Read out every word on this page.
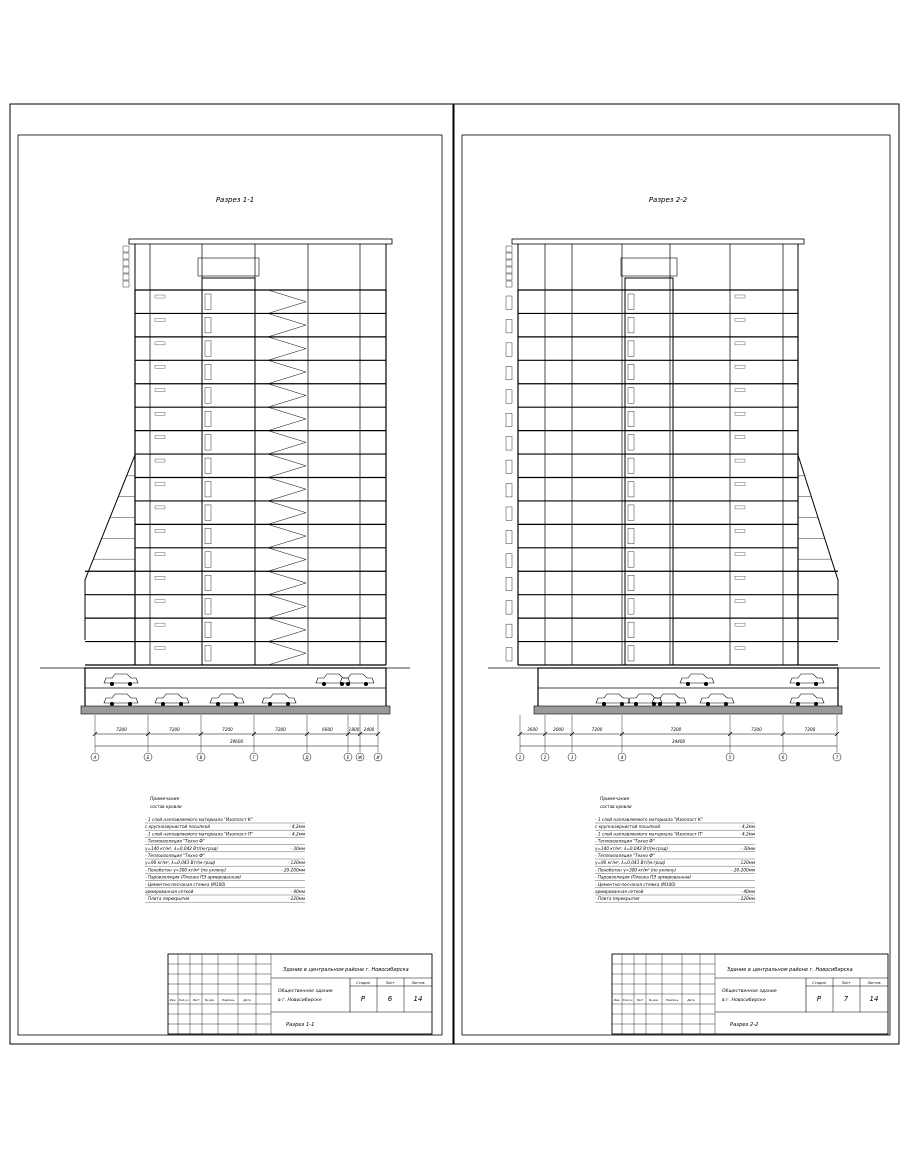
Разрез 1-1
7200	7200	7200	7200	6600	1800 2400
39600
А	Б	В	Г	Д	Е Ж	И
Примечание
состав кровли
- 1 слой наплавляемого материала "Изопласт К"
с крупнозернистой посыпкой	- 4,2мм
- 1 слой наплавляемого материала "Изопласт П"	- 4,2мм
- Теплоизоляция "Техно Ф"
γ=140 кг/м³, λ=0,042 Вт/(м·град)	- 30мм
- Теплоизоляция "Техно Ф"
γ=90 кг/м³, λ=0,043 Вт/(м·град)	- 120мм
- Пенобетон γ=300 кг/м³ (по уклону)	- 20-200мм
- Пароизоляция (Пленка ПЭ армированная)
- Цементно-песчаная стяжка (М100)
армированная сеткой	- 40мм
- Плита перекрытия	- 220мм
Изм. Кол.уч.	Лист	№ док. Подпись	Дата
Здание в центральном районе г. Новосибирска
Общественное здание
в г. Новосибирске
Разрез 1-1
Стадия	Лист	Листов
Р	6	14
Разрез 2-2
3600	2000	7200	7200	7200	7200
34400
1	2	3	4	5	6	7
Примечание
состав кровли
- 1 слой наплавляемого материала "Изопласт К"
с крупнозернистой посыпкой	- 4,2мм
- 1 слой наплавляемого материала "Изопласт П"	- 4,2мм
- Теплоизоляция "Техно Ф"
γ=140 кг/м³, λ=0,042 Вт/(м·град)	- 30мм
- Теплоизоляция "Техно Ф"
γ=90 кг/м³, λ=0,043 Вт/(м·град)	- 120мм
- Пенобетон γ=300 кг/м³ (по уклону)	- 20-200мм
- Пароизоляция (Пленка ПЭ армированная)
- Цементно-песчаная стяжка (М100)
армированная сеткой	- 40мм
- Плита перекрытия	- 220мм
Изм. Кол.уч.	Лист	№ док. Подпись	Дата
Здание в центральном районе г. Новосибирска
Общественное здание
в г. Новосибирске
Разрез 2-2
Стадия	Лист	Листов
Р	7	14
